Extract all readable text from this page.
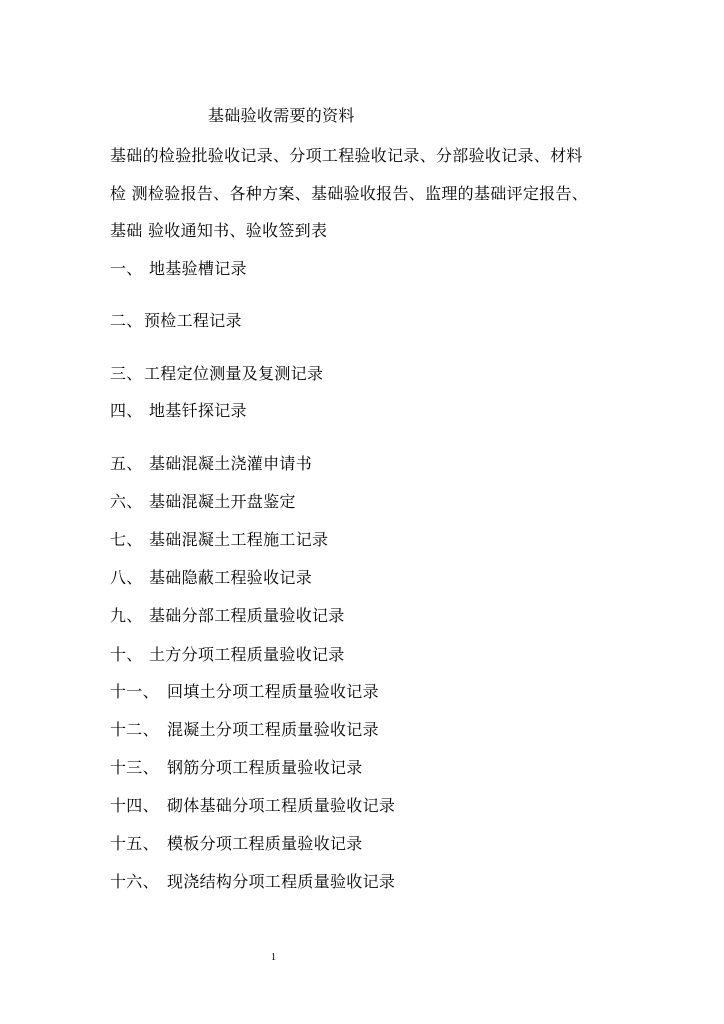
基础验收需要的资料
基础的检验批验收记录、分项工程验收记录、分部验收记录、材料
检 测检验报告、各种方案、基础验收报告、监理的基础评定报告、
基础 验收通知书、验收签到表
一、 地基验槽记录
二、 预检工程记录
三、 工程定位测量及复测记录
四、 地基钎探记录
五、 基础混凝土浇灌申请书
六、 基础混凝土开盘鉴定
七、 基础混凝土工程施工记录
八、 基础隐蔽工程验收记录
九、 基础分部工程质量验收记录
十、 土方分项工程质量验收记录
十一、 回填土分项工程质量验收记录
十二、 混凝土分项工程质量验收记录
十三、 钢筋分项工程质量验收记录
十四、 砌体基础分项工程质量验收记录
十五、 模板分项工程质量验收记录
十六、 现浇结构分项工程质量验收记录
1
